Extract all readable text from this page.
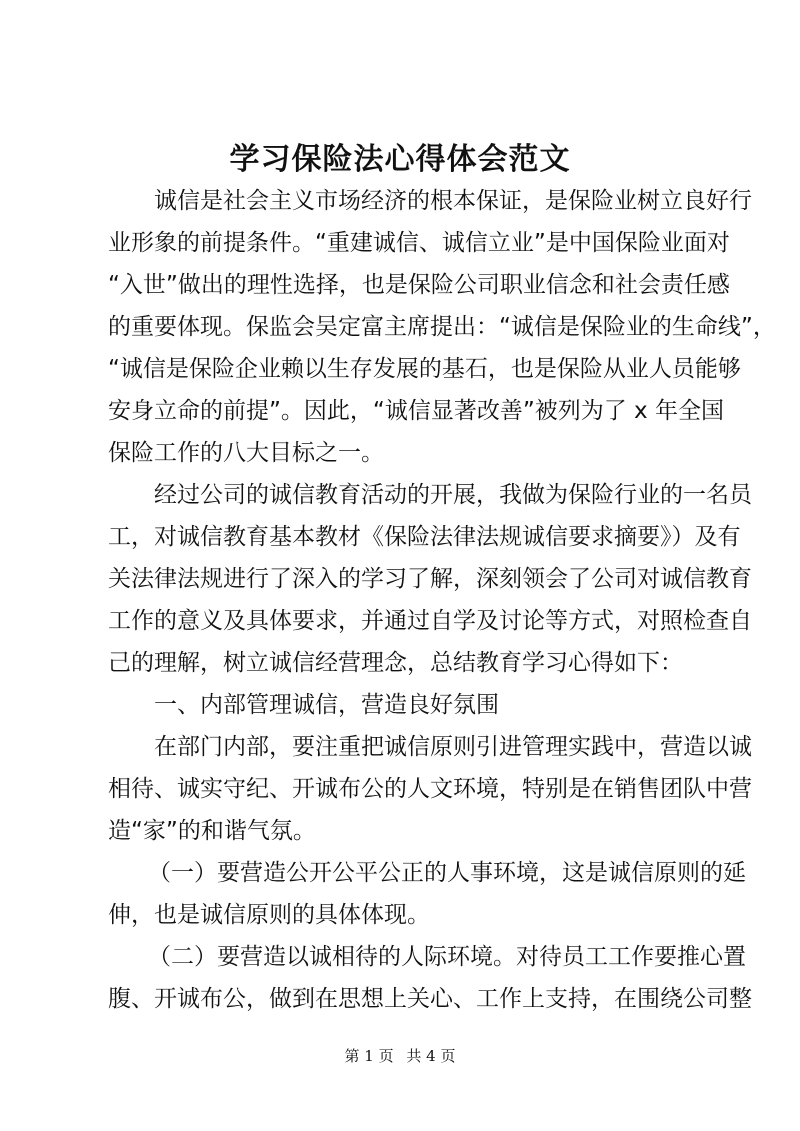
学习保险法心得体会范文
诚信是社会主义市场经济的根本保证，是保险业树立良好行
业形象的前提条件。“重建诚信、诚信立业”是中国保险业面对
“入世”做出的理性选择，也是保险公司职业信念和社会责任感
的重要体现。保监会吴定富主席提出：“诚信是保险业的生命线”，
“诚信是保险企业赖以生存发展的基石，也是保险从业人员能够
安身立命的前提”。因此，“诚信显著改善”被列为了 x 年全国
保险工作的八大目标之一。
经过公司的诚信教育活动的开展，我做为保险行业的一名员
工，对诚信教育基本教材《保险法律法规诚信要求摘要》）及有
关法律法规进行了深入的学习了解，深刻领会了公司对诚信教育
工作的意义及具体要求，并通过自学及讨论等方式，对照检查自
己的理解，树立诚信经营理念，总结教育学习心得如下：
一、内部管理诚信，营造良好氛围
在部门内部，要注重把诚信原则引进管理实践中，营造以诚
相待、诚实守纪、开诚布公的人文环境，特别是在销售团队中营
造“家”的和谐气氛。
（一）要营造公开公平公正的人事环境，这是诚信原则的延
伸，也是诚信原则的具体体现。
（二）要营造以诚相待的人际环境。对待员工工作要推心置
腹、开诚布公，做到在思想上关心、工作上支持，在围绕公司整
第 1 页 共 4 页
